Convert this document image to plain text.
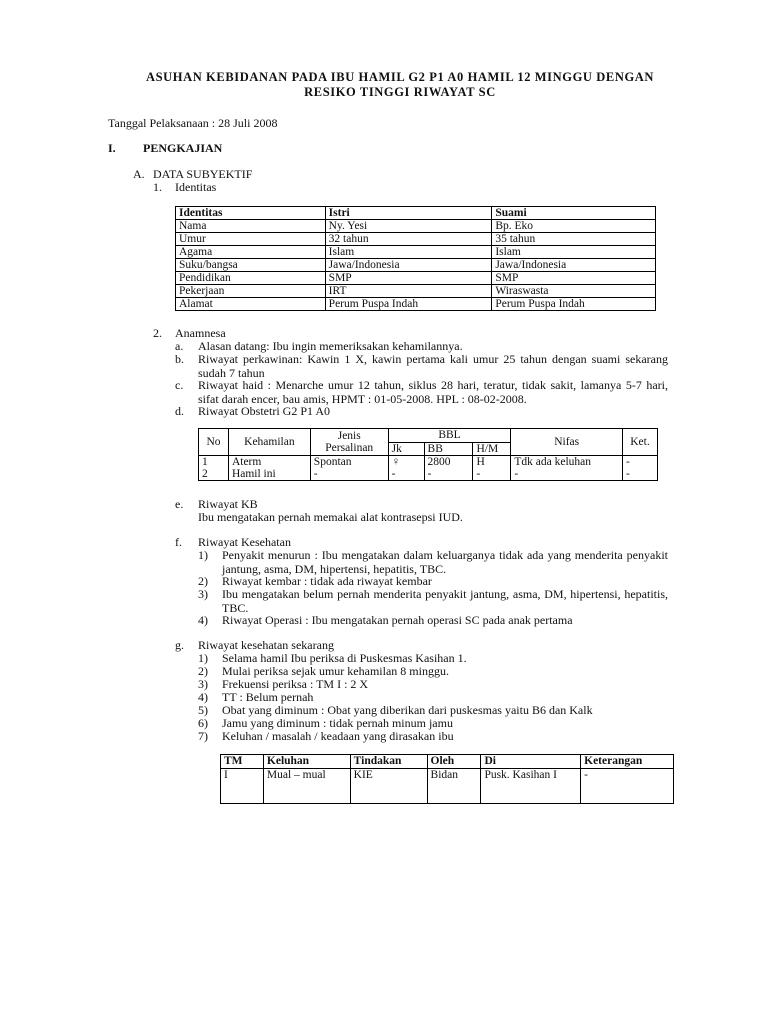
ASUHAN KEBIDANAN PADA IBU HAMIL G2 P1 A0 HAMIL 12 MINGGU DENGAN
RESIKO TINGGI RIWAYAT SC
Tanggal Pelaksanaan : 28 Juli 2008
I. PENGKAJIAN
A. DATA SUBYEKTIF
1. Identitas
Identitas	Istri	Suami
Nama	Ny. Yesi	Bp. Eko
Umur	32 tahun	35 tahun
Agama	Islam	Islam
Suku/bangsa	Jawa/Indonesia	Jawa/Indonesia
Pendidikan	SMP	SMP
Pekerjaan	IRT	Wiraswasta
Alamat	Perum Puspa Indah	Perum Puspa Indah
2. Anamnesa
a. Alasan datang: Ibu ingin memeriksakan kehamilannya.
b. Riwayat perkawinan: Kawin 1 X, kawin pertama kali umur 25 tahun dengan suami sekarang sudah 7 tahun
c. Riwayat haid : Menarche umur 12 tahun, siklus 28 hari, teratur, tidak sakit, lamanya 5-7 hari, sifat darah encer, bau amis, HPMT : 01-05-2008. HPL : 08-02-2008.
d. Riwayat Obstetri G2 P1 A0
No	Kehamilan	Jenis Persalinan	BBL			Nifas	Ket.
			Jk	BB	H/M		
1	Aterm	Spontan	♀	2800	H	Tdk ada keluhan	-
2	Hamil ini	-	-	-	-	-	-
e. Riwayat KB
Ibu mengatakan pernah memakai alat kontrasepsi IUD.
f. Riwayat Kesehatan
1) Penyakit menurun : Ibu mengatakan dalam keluarganya tidak ada yang menderita penyakit jantung, asma, DM, hipertensi, hepatitis, TBC.
2) Riwayat kembar : tidak ada riwayat kembar
3) Ibu mengatakan belum pernah menderita penyakit jantung, asma, DM, hipertensi, hepatitis, TBC.
4) Riwayat Operasi : Ibu mengatakan pernah operasi SC pada anak pertama
g. Riwayat kesehatan sekarang
1) Selama hamil Ibu periksa di Puskesmas Kasihan 1.
2) Mulai periksa sejak umur kehamilan 8 minggu.
3) Frekuensi periksa : TM I : 2 X
4) TT : Belum pernah
5) Obat yang diminum : Obat yang diberikan dari puskesmas yaitu B6 dan Kalk
6) Jamu yang diminum : tidak pernah minum jamu
7) Keluhan / masalah / keadaan yang dirasakan ibu
TM	Keluhan	Tindakan	Oleh	Di	Keterangan
I	Mual – mual	KIE	Bidan	Pusk. Kasihan I	-
